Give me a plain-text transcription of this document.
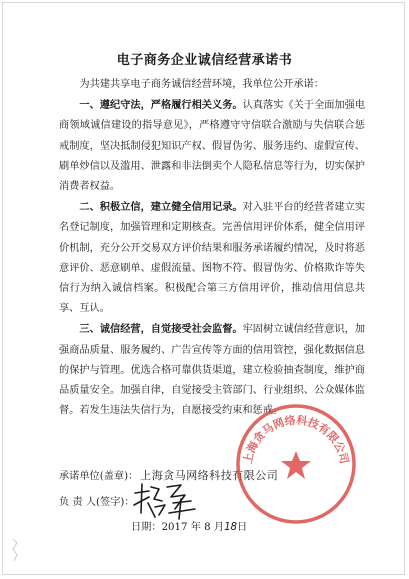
电子商务企业诚信经营承诺书

为共建共享电子商务诚信经营环境，我单位公开承诺：

一、遵纪守法，严格履行相关义务。认真落实《关于全面加强电商领域诚信建设的指导意见》，严格遵守守信联合激励与失信联合惩戒制度，坚决抵制侵犯知识产权、假冒伪劣、服务违约、虚假宣传、刷单炒信以及滥用、泄露和非法倒卖个人隐私信息等行为，切实保护消费者权益。

二、积极立信，建立健全信用记录。对入驻平台的经营者建立实名登记制度，加强管理和定期核查。完善信用评价体系，健全信用评价机制，充分公开交易双方评价结果和服务承诺履约情况，及时将恶意评价、恶意刷单、虚假流量、图物不符、假冒伪劣、价格欺诈等失信行为纳入诚信档案。积极配合第三方信用评价，推动信用信息共享、互认。

三、诚信经营，自觉接受社会监督。牢固树立诚信经营意识，加强商品质量、服务履约、广告宣传等方面的信用管控，强化数据信息的保护与管理。优选合格可靠供货渠道，建立检验抽查制度，维护商品质量安全。加强自律，自觉接受主管部门、行业组织、公众媒体监督。若发生违法失信行为，自愿接受约束和惩戒。

承诺单位(盖章)： 上海贪马网络科技有限公司
负 责 人(签字)：
日期：2017 年 8 月18日
上海贪马网络科技有限公司
